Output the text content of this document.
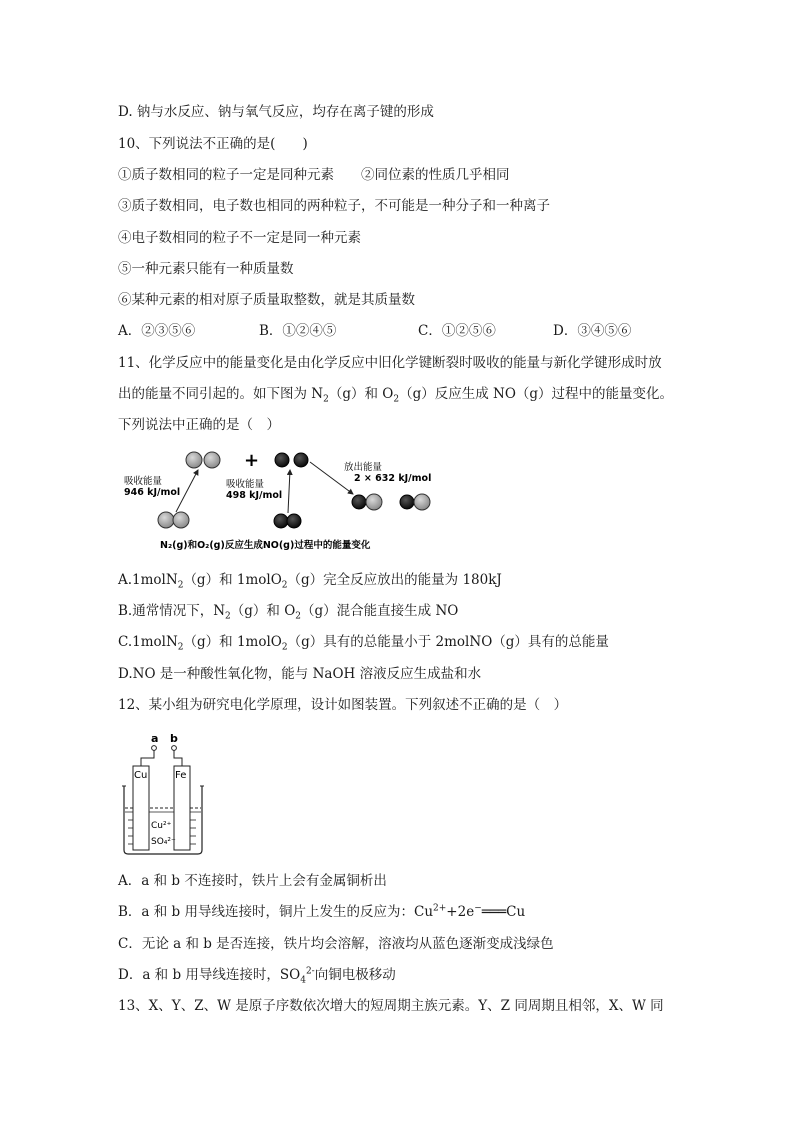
D. 钠与水反应、钠与氧气反应，均存在离子键的形成
10、下列说法不正确的是(　　)
①质子数相同的粒子一定是同种元素　　②同位素的性质几乎相同
③质子数相同，电子数也相同的两种粒子，不可能是一种分子和一种离子
④电子数相同的粒子不一定是同一种元素
⑤一种元素只能有一种质量数
⑥某种元素的相对原子质量取整数，就是其质量数
A．②③⑤⑥	B．①②④⑤	C．①②⑤⑥	D．③④⑤⑥
11、化学反应中的能量变化是由化学反应中旧化学键断裂时吸收的能量与新化学键形成时放
出的能量不同引起的。如下图为 $N_2(g)$和 $O_2(g)$反应生成 NO（g）过程中的能量变化。
下列说法中正确的是（　）
+
吸收能量
946 kJ/mol
吸收能量
498 kJ/mol
放出能量
2 × 632 kJ/mol
N₂(g)和O₂(g)反应生成NO(g)过程中的能量变化
A.1molN$_2$（g）和 1molO$_2$（g）完全反应放出的能量为 180kJ
B.通常情况下，$N_2(g)$和 $O_2(g)$混合能直接生成 NO
C.1molN$_2$（g）和 1molO$_2$（g）具有的总能量小于 2molNO（g）具有的总能量
D.NO 是一种酸性氧化物，能与 NaOH 溶液反应生成盐和水
12、某小组为研究电化学原理，设计如图装置。下列叙述不正确的是（　）
a b
Cu	Fe
Cu²⁺
SO₄²⁻
A．a 和 b 不连接时，铁片上会有金属铜析出
B．a 和 b 用导线连接时，铜片上发生的反应为：$Cu^{2+}+2e^-═══Cu$
C．无论 a 和 b 是否连接，铁片均会溶解，溶液均从蓝色逐渐变成浅绿色
D．a 和 b 用导线连接时，$SO_4^{2-}$向铜电极移动
13、X、Y、Z、W 是原子序数依次增大的短周期主族元素。Y、Z 同周期且相邻，X、W 同
